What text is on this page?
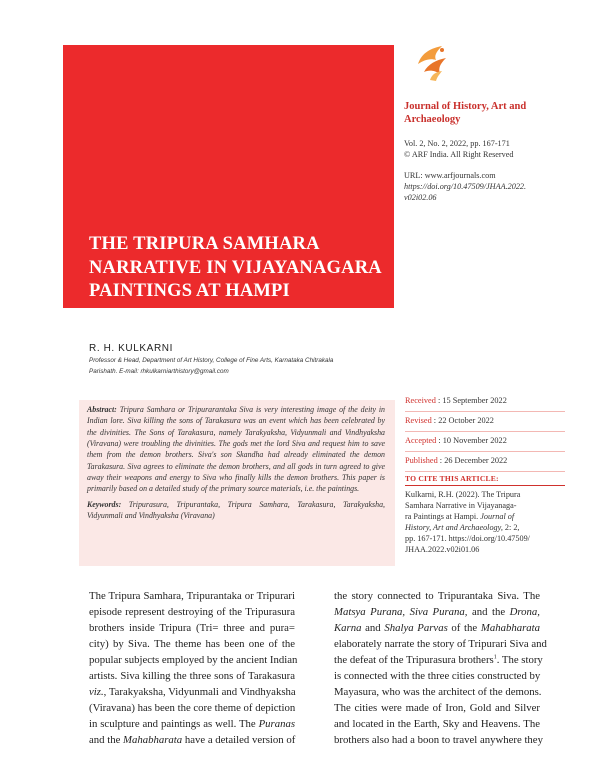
THE TRIPURA SAMHARA
NARRATIVE IN VIJAYANAGARA
PAINTINGS AT HAMPI
Journal of History, Art and
Archaeology
Vol. 2, No. 2, 2022, pp. 167-171
© ARF India. All Right Reserved
URL: www.arfjournals.com
https://doi.org/10.47509/JHAA.2022.
v02i02.06
R. H. KULKARNI
Professor & Head, Department of Art History, College of Fine Arts, Karnataka Chitrakala
Parishath. E-mail: rhkulkarniarthistory@gmail.com

Abstract: Tripura Samhara or Tripurarantaka Siva is very interesting image of the deity in Indian lore. Siva killing the sons of Tarakasura was an event which has been celebrated by the divinities. The Sons of Tarakasura, namely Tarakyaksha, Vidyunmali and Vindhyaksha (Viravana) were troubling the divinities. The gods met the lord Siva and request him to save them from the demon brothers. Siva's son Skandha had already eliminated the demon Tarakasura. Siva agrees to eliminate the demon brothers, and all gods in turn agreed to give away their weapons and energy to Siva who finally kills the demon brothers. This paper is primarily based on a detailed study of the primary source materials, i.e. the paintings.

Keywords: Tripurasura, Tripurantaka, Tripura Samhara, Tarakasura, Tarakyaksha, Vidyunmali and Vindhyaksha (Viravana)

Received : 15 September 2022
Revised : 22 October 2022
Accepted : 10 November 2022
Published : 26 December 2022
TO CITE THIS ARTICLE:
Kulkarni, R.H. (2022). The Tripura
Samhara Narrative in Vijayanaga-
ra Paintings at Hampi. Journal of
History, Art and Archaeology, 2: 2,
pp. 167-171. https://doi.org/10.47509/
JHAA.2022.v02i01.06
The Tripura Samhara, Tripurantaka or Tripurari
episode represent destroying of the Tripurasura
brothers inside Tripura (Tri= three and pura=
city) by Siva. The theme has been one of the
popular subjects employed by the ancient Indian
artists. Siva killing the three sons of Tarakasura
viz., Tarakyaksha, Vidyunmali and Vindhyaksha
(Viravana) has been the core theme of depiction
in sculpture and paintings as well. The Puranas
and the Mahabharata have a detailed version of
the story connected to Tripurantaka Siva. The
Matsya Purana, Siva Purana, and the Drona,
Karna and Shalya Parvas of the Mahabharata
elaborately narrate the story of Tripurari Siva and
the defeat of the Tripurasura brothers$^1$. The story
is connected with the three cities constructed by
Mayasura, who was the architect of the demons.
The cities were made of Iron, Gold and Silver
and located in the Earth, Sky and Heavens. The
brothers also had a boon to travel anywhere they
